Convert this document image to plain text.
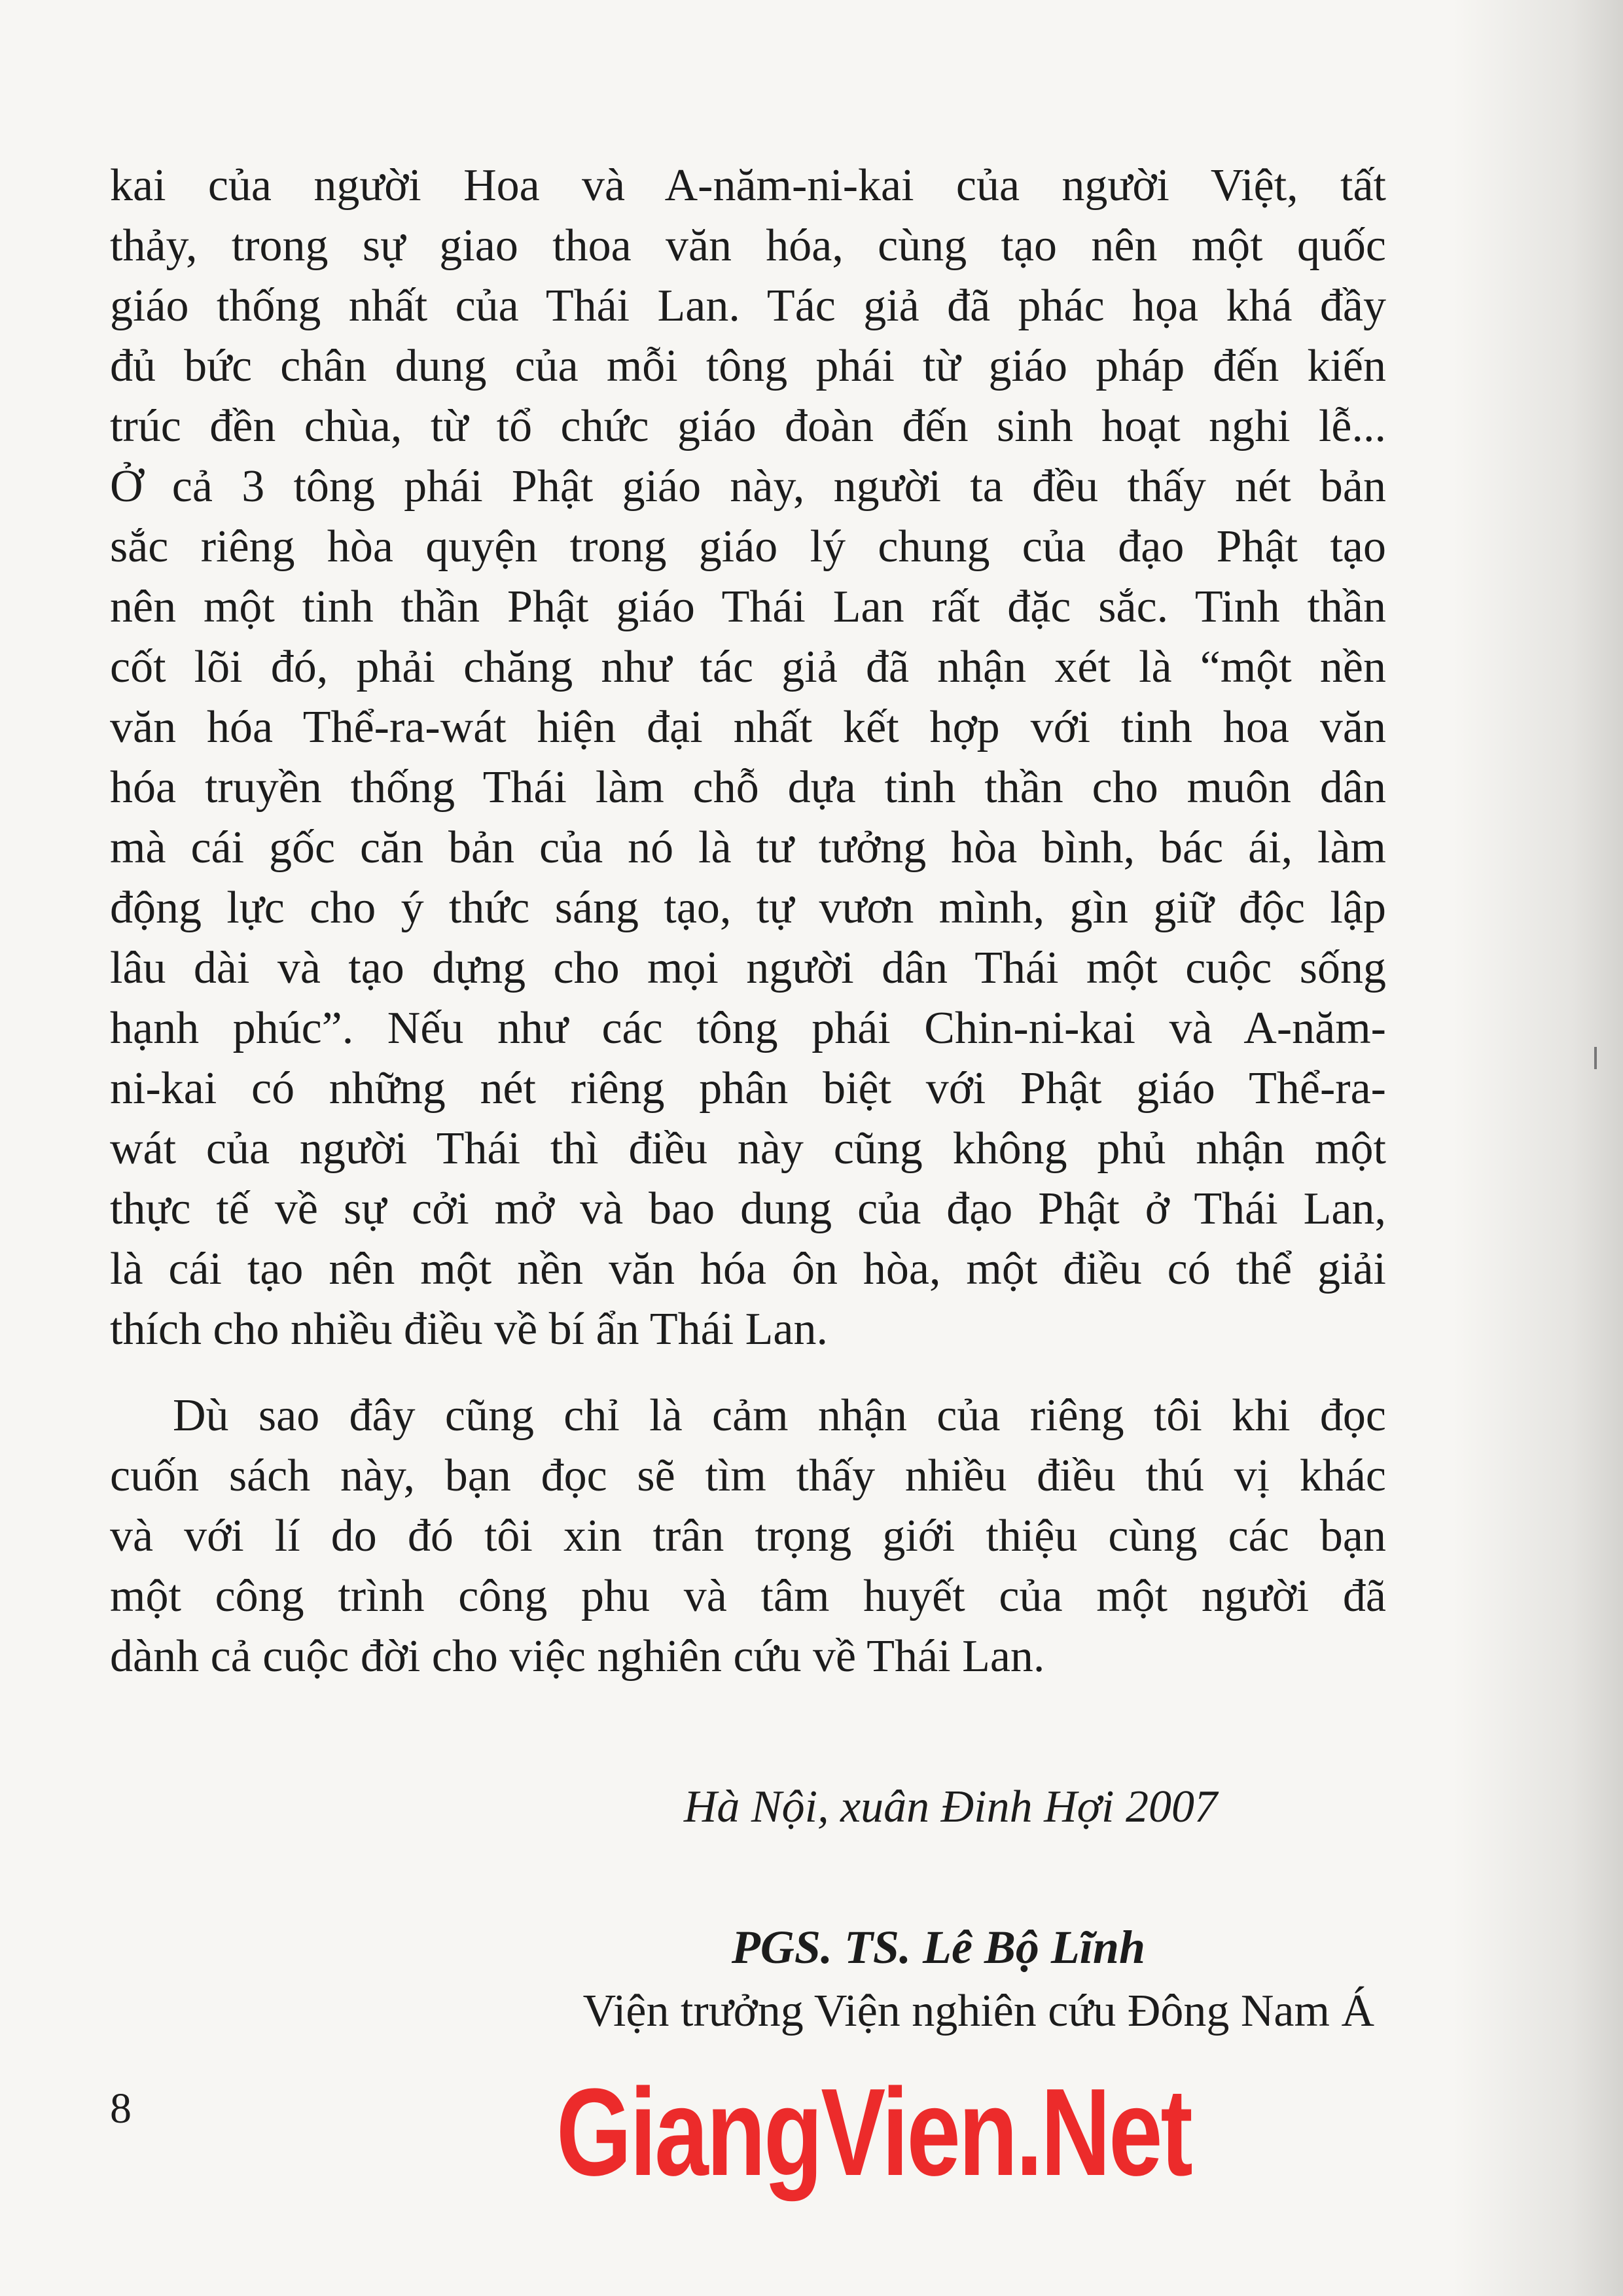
kai của người Hoa và A-năm-ni-kai của người Việt, tất
thảy, trong sự giao thoa văn hóa, cùng tạo nên một quốc
giáo thống nhất của Thái Lan. Tác giả đã phác họa khá đầy
đủ bức chân dung của mỗi tông phái từ giáo pháp đến kiến
trúc đền chùa, từ tổ chức giáo đoàn đến sinh hoạt nghi lễ...
Ở cả 3 tông phái Phật giáo này, người ta đều thấy nét bản
sắc riêng hòa quyện trong giáo lý chung của đạo Phật tạo
nên một tinh thần Phật giáo Thái Lan rất đặc sắc. Tinh thần
cốt lõi đó, phải chăng như tác giả đã nhận xét là “một nền
văn hóa Thể-ra-wát hiện đại nhất kết hợp với tinh hoa văn
hóa truyền thống Thái làm chỗ dựa tinh thần cho muôn dân
mà cái gốc căn bản của nó là tư tưởng hòa bình, bác ái, làm
động lực cho ý thức sáng tạo, tự vươn mình, gìn giữ độc lập
lâu dài và tạo dựng cho mọi người dân Thái một cuộc sống
hạnh phúc”. Nếu như các tông phái Chin-ni-kai và A-năm-
ni-kai có những nét riêng phân biệt với Phật giáo Thể-ra-
wát của người Thái thì điều này cũng không phủ nhận một
thực tế về sự cởi mở và bao dung của đạo Phật ở Thái Lan,
là cái tạo nên một nền văn hóa ôn hòa, một điều có thể giải
thích cho nhiều điều về bí ẩn Thái Lan.

Dù sao đây cũng chỉ là cảm nhận của riêng tôi khi đọc
cuốn sách này, bạn đọc sẽ tìm thấy nhiều điều thú vị khác
và với lí do đó tôi xin trân trọng giới thiệu cùng các bạn
một công trình công phu và tâm huyết của một người đã
dành cả cuộc đời cho việc nghiên cứu về Thái Lan.

Hà Nội, xuân Đinh Hợi 2007
PGS. TS. Lê Bộ Lĩnh
Viện trưởng Viện nghiên cứu Đông Nam Á
8	GiangVien.Net
